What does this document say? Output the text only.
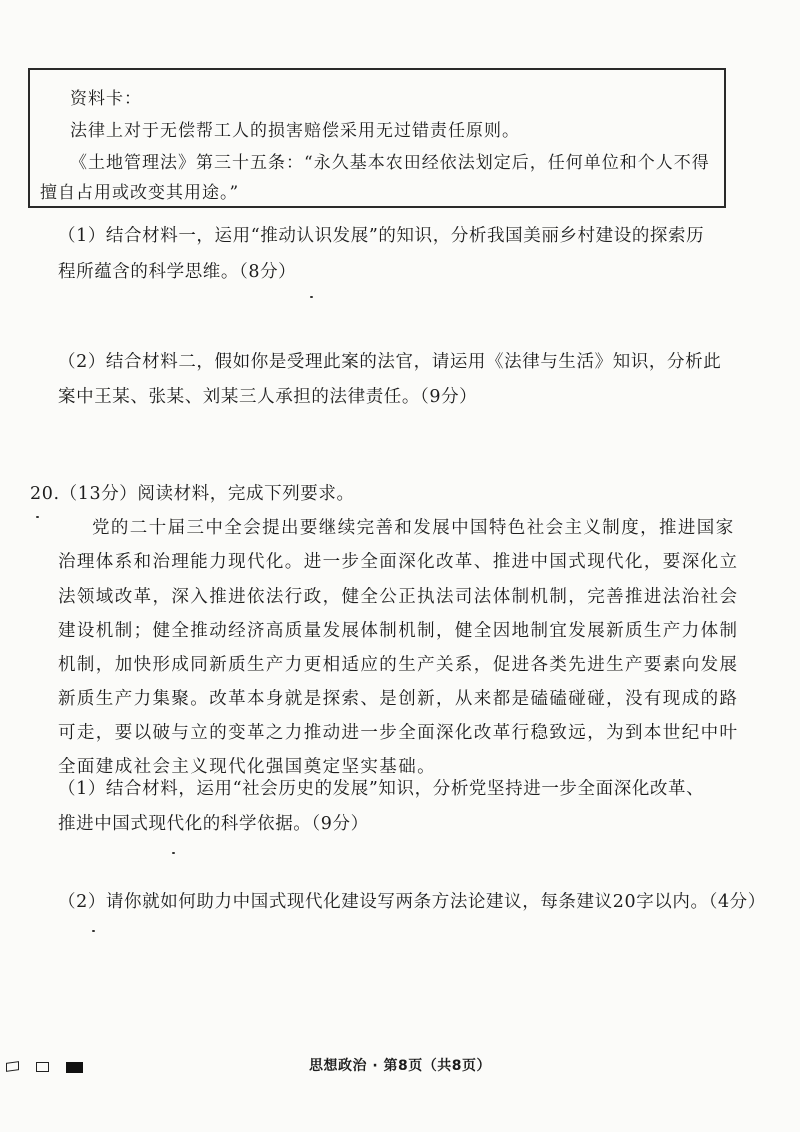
资料卡：
法律上对于无偿帮工人的损害赔偿采用无过错责任原则。
《土地管理法》第三十五条：“永久基本农田经依法划定后，任何单位和个人不得
擅自占用或改变其用途。”
（1）结合材料一，运用“推动认识发展”的知识，分析我国美丽乡村建设的探索历
程所蕴含的科学思维。（8分）
（2）结合材料二，假如你是受理此案的法官，请运用《法律与生活》知识，分析此
案中王某、张某、刘某三人承担的法律责任。（9分）
20.（13分）阅读材料，完成下列要求。
党的二十届三中全会提出要继续完善和发展中国特色社会主义制度，推进国家
治理体系和治理能力现代化。进一步全面深化改革、推进中国式现代化，要深化立
法领域改革，深入推进依法行政，健全公正执法司法体制机制，完善推进法治社会
建设机制；健全推动经济高质量发展体制机制，健全因地制宜发展新质生产力体制
机制，加快形成同新质生产力更相适应的生产关系，促进各类先进生产要素向发展
新质生产力集聚。改革本身就是探索、是创新，从来都是磕磕碰碰，没有现成的路
可走，要以破与立的变革之力推动进一步全面深化改革行稳致远，为到本世纪中叶
全面建成社会主义现代化强国奠定坚实基础。
（1）结合材料，运用“社会历史的发展”知识，分析党坚持进一步全面深化改革、
推进中国式现代化的科学依据。（9分）
（2）请你就如何助力中国式现代化建设写两条方法论建议，每条建议20字以内。（4分）
思想政治 · 第8页（共8页）
